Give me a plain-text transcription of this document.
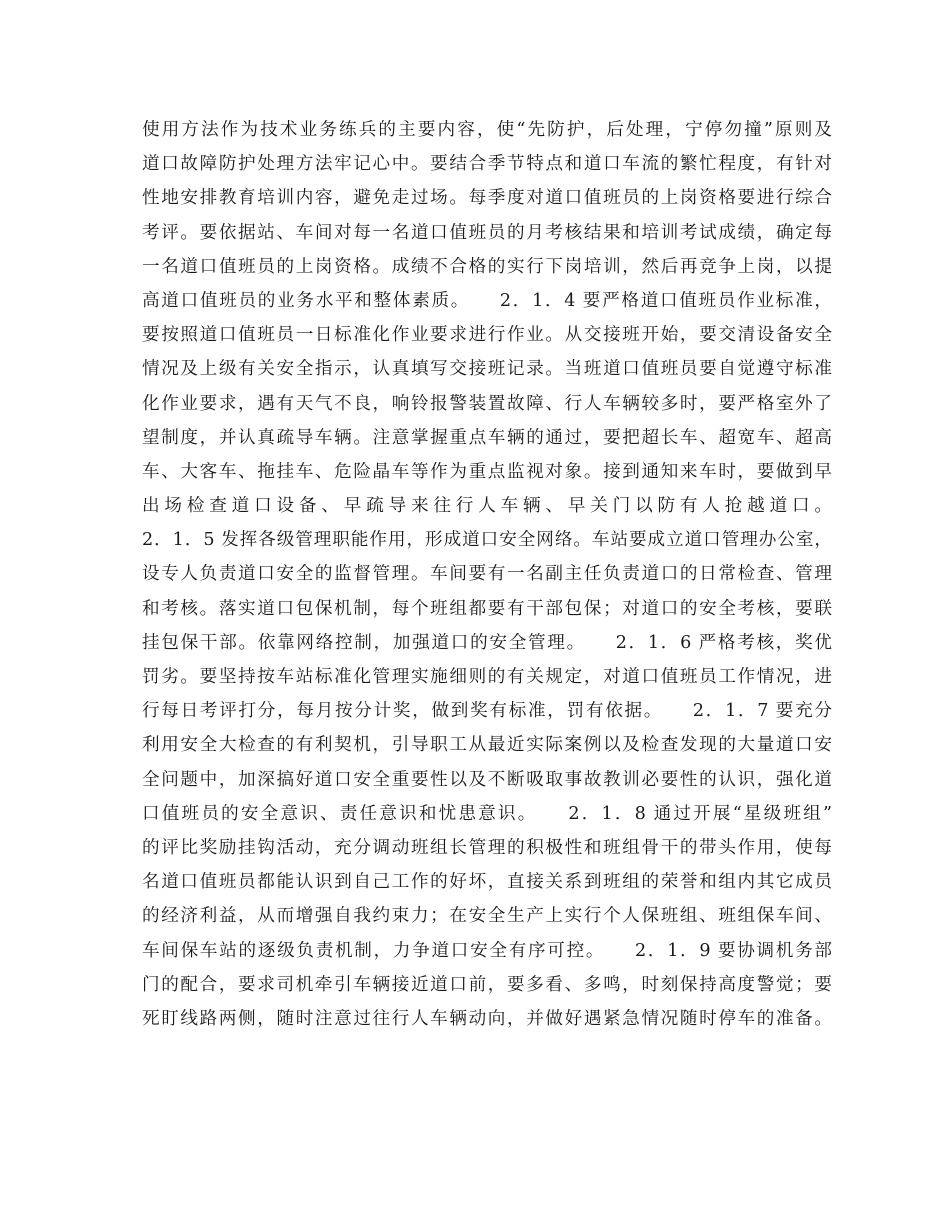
使用方法作为技术业务练兵的主要内容，使“先防护，后处理，宁停勿撞”原则及
道口故障防护处理方法牢记心中。要结合季节特点和道口车流的繁忙程度，有针对
性地安排教育培训内容，避免走过场。每季度对道口值班员的上岗资格要进行综合
考评。要依据站、车间对每一名道口值班员的月考核结果和培训考试成绩，确定每
一名道口值班员的上岗资格。成绩不合格的实行下岗培训，然后再竞争上岗，以提
高道口值班员的业务水平和整体素质。　　2．1．4 要严格道口值班员作业标准，
要按照道口值班员一日标准化作业要求进行作业。从交接班开始，要交清设备安全
情况及上级有关安全指示，认真填写交接班记录。当班道口值班员要自觉遵守标准
化作业要求，遇有天气不良，响铃报警装置故障、行人车辆较多时，要严格室外了
望制度，并认真疏导车辆。注意掌握重点车辆的通过，要把超长车、超宽车、超高
车、大客车、拖挂车、危险晶车等作为重点监视对象。接到通知来车时，要做到早
出场检查道口设备、早疏导来往行人车辆、早关门以防有人抢越道口。
2．1．5 发挥各级管理职能作用，形成道口安全网络。车站要成立道口管理办公室，
设专人负责道口安全的监督管理。车间要有一名副主任负责道口的日常检查、管理
和考核。落实道口包保机制，每个班组都要有干部包保；对道口的安全考核，要联
挂包保干部。依靠网络控制，加强道口的安全管理。　　2．1．6 严格考核，奖优
罚劣。要坚持按车站标准化管理实施细则的有关规定，对道口值班员工作情况，进
行每日考评打分，每月按分计奖，做到奖有标准，罚有依据。　　2．1．7 要充分
利用安全大检查的有利契机，引导职工从最近实际案例以及检查发现的大量道口安
全问题中，加深搞好道口安全重要性以及不断吸取事故教训必要性的认识，强化道
口值班员的安全意识、责任意识和忧患意识。　　2．1．8 通过开展“星级班组”
的评比奖励挂钩活动，充分调动班组长管理的积极性和班组骨干的带头作用，使每
名道口值班员都能认识到自己工作的好坏，直接关系到班组的荣誉和组内其它成员
的经济利益，从而增强自我约束力；在安全生产上实行个人保班组、班组保车间、
车间保车站的逐级负责机制，力争道口安全有序可控。　　2．1．9 要协调机务部
门的配合，要求司机牵引车辆接近道口前，要多看、多鸣，时刻保持高度警觉；要
死盯线路两侧，随时注意过往行人车辆动向，并做好遇紧急情况随时停车的准备。
